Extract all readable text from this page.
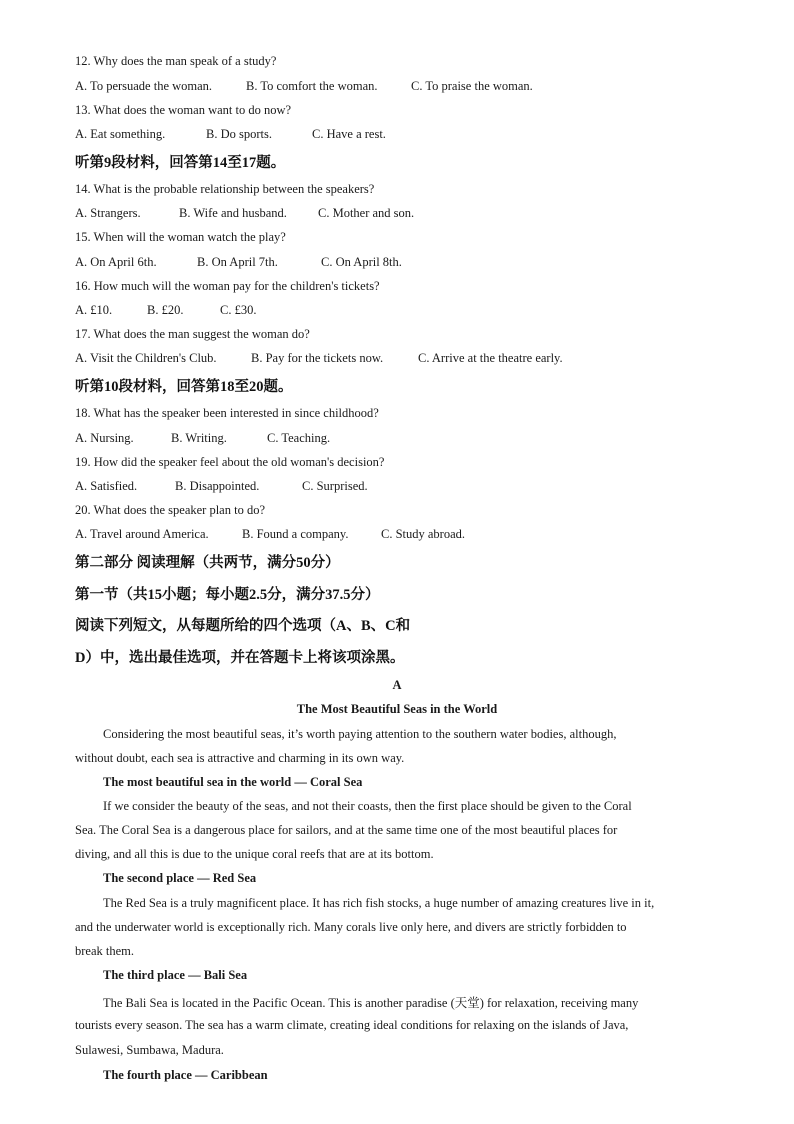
12. Why does the man speak of a study?
A. To persuade the woman.	B. To comfort the woman.	C. To praise the woman.
13. What does the woman want to do now?
A. Eat something.	B. Do sports.	C. Have a rest.
听第9段材料，回答第14至17题。
14. What is the probable relationship between the speakers?
A. Strangers.	B. Wife and husband. C. Mother and son.
15. When will the woman watch the play?
A. On April 6th.	B. On April 7th.	C. On April 8th.
16. How much will the woman pay for the children's tickets?
A. £10.	B. £20.	C. £30.
17. What does the man suggest the woman do?
A. Visit the Children's Club.	B. Pay for the tickets now.	C. Arrive at the theatre early.
听第10段材料，回答第18至20题。
18. What has the speaker been interested in since childhood?
A. Nursing.	B. Writing.	C. Teaching.
19. How did the speaker feel about the old woman's decision?
A. Satisfied.	B. Disappointed.	C. Surprised.
20. What does the speaker plan to do?
A. Travel around America.	B. Found a company.	C. Study abroad.
第二部分 阅读理解（共两节，满分50分）
第一节（共15小题；每小题2.5分，满分37.5分）
阅读下列短文，从每题所给的四个选项（A、B、C和
D）中，选出最佳选项，并在答题卡上将该项涂黑。
A
The Most Beautiful Seas in the World
Considering the most beautiful seas, it’s worth paying attention to the southern water bodies, although,
without doubt, each sea is attractive and charming in its own way.
The most beautiful sea in the world — Coral Sea
If we consider the beauty of the seas, and not their coasts, then the first place should be given to the Coral
Sea. The Coral Sea is a dangerous place for sailors, and at the same time one of the most beautiful places for
diving, and all this is due to the unique coral reefs that are at its bottom.
The second place — Red Sea
The Red Sea is a truly magnificent place. It has rich fish stocks, a huge number of amazing creatures live in it,
and the underwater world is exceptionally rich. Many corals live only here, and divers are strictly forbidden to
break them.
The third place — Bali Sea
The Bali Sea is located in the Pacific Ocean. This is another paradise (天堂) for relaxation, receiving many
tourists every season. The sea has a warm climate, creating ideal conditions for relaxing on the islands of Java,
Sulawesi, Sumbawa, Madura.
The fourth place — Caribbean
